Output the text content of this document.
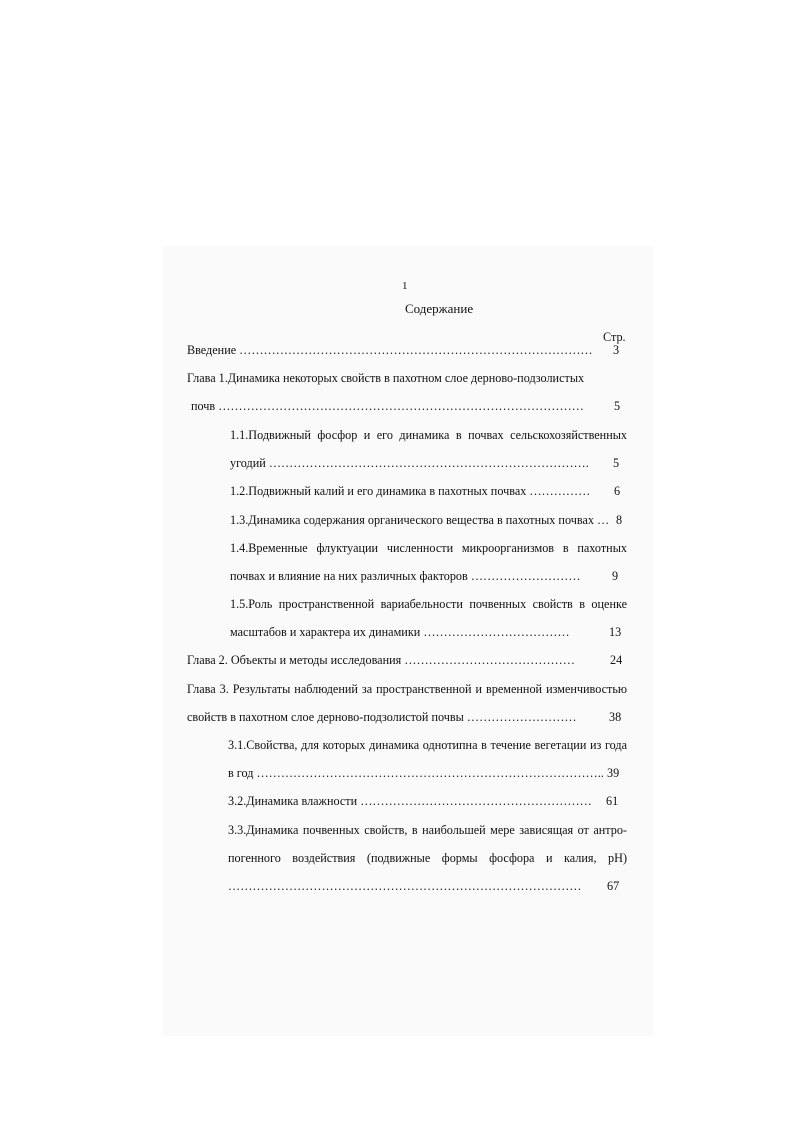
1
Содержание
Стр.
Введение …………………………………………………………………………… 3
Глава 1.Динамика некоторых свойств в пахотном слое дерново-подзолистых
почв ……………………………………………………………………………… 5
1.1.Подвижный фосфор и его динамика в почвах сельскохозяйственных
угодий ……………………………………………………………………. 5
1.2.Подвижный калий и его динамика в пахотных почвах …………… 6
1.3.Динамика содержания органического вещества в пахотных почвах … 8
1.4.Временные флуктуации численности микроорганизмов в пахотных
почвах и влияние на них различных факторов ………………………	9
1.5.Роль пространственной вариабельности почвенных свойств в оценке
масштабов и характера их динамики ………………………………	13
Глава 2. Объекты и методы исследования ……………………………………	24
Глава 3. Результаты наблюдений за пространственной и временной изменчивостью
свойств в пахотном слое дерново-подзолистой почвы ………………………	38
3.1.Свойства, для которых динамика однотипна в течение вегетации из года
в год ………………………………………………………………………….. 39
3.2.Динамика влажности ………………………………………………… 61
3.3.Динамика почвенных свойств, в наибольшей мере зависящая от антро-
погенного воздействия (подвижные формы фосфора и калия, pH)
…………………………………………………………………………… 67
